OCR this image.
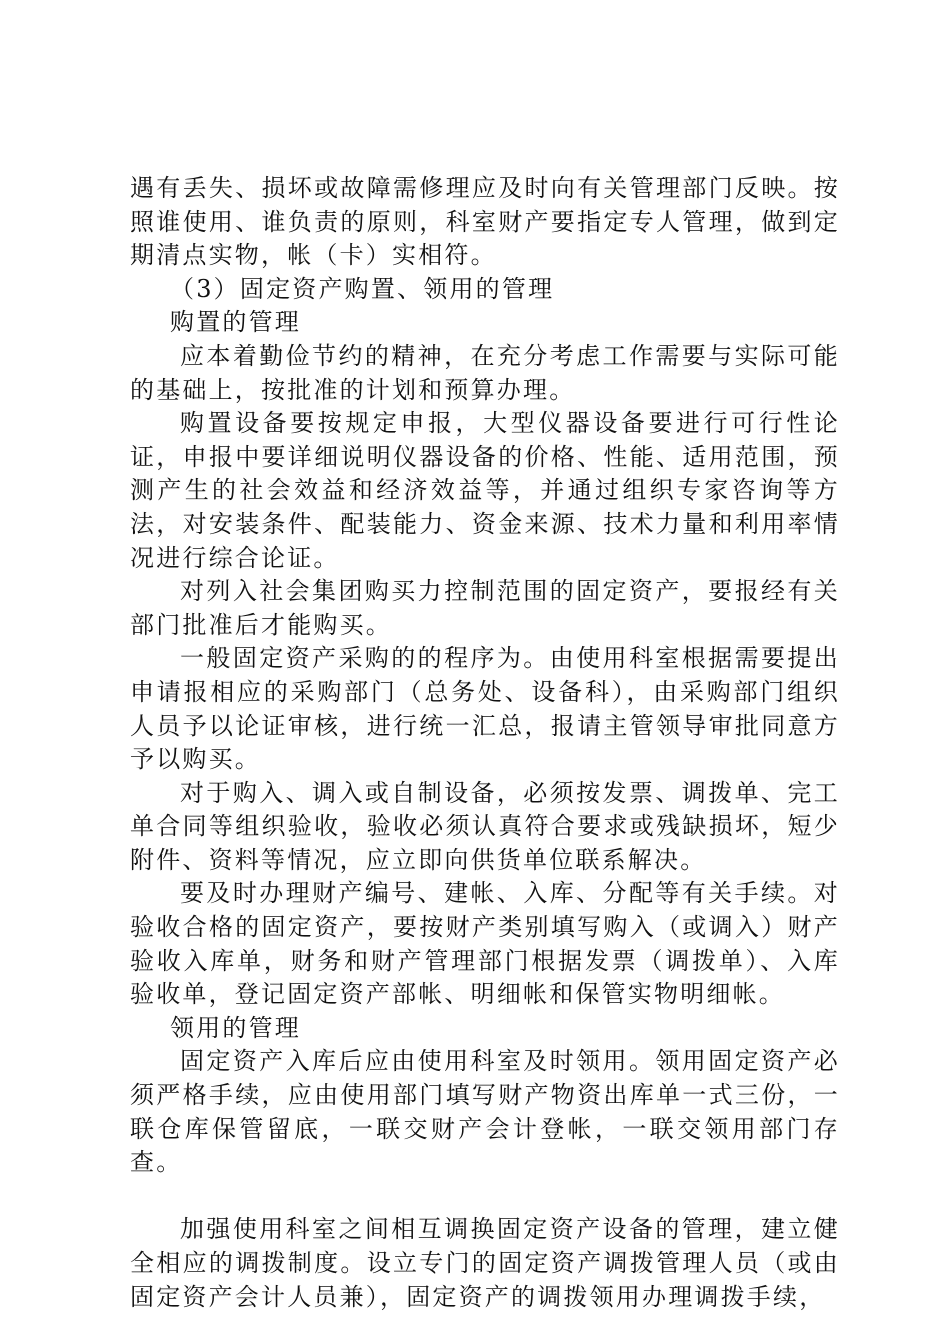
遇有丢失、损坏或故障需修理应及时向有关管理部门反映。按照谁使用、谁负责的原则，科室财产要指定专人管理，做到定期清点实物，帐（卡）实相符。

（3）固定资产购置、领用的管理

购置的管理

应本着勤俭节约的精神，在充分考虑工作需要与实际可能的基础上，按批准的计划和预算办理。

购置设备要按规定申报，大型仪器设备要进行可行性论证，申报中要详细说明仪器设备的价格、性能、适用范围，预测产生的社会效益和经济效益等，并通过组织专家咨询等方法，对安装条件、配装能力、资金来源、技术力量和利用率情况进行综合论证。

对列入社会集团购买力控制范围的固定资产，要报经有关部门批准后才能购买。

一般固定资产采购的的程序为。由使用科室根据需要提出申请报相应的采购部门（总务处、设备科），由采购部门组织人员予以论证审核，进行统一汇总，报请主管领导审批同意方予以购买。

对于购入、调入或自制设备，必须按发票、调拨单、完工单合同等组织验收，验收必须认真符合要求或残缺损坏，短少附件、资料等情况，应立即向供货单位联系解决。

要及时办理财产编号、建帐、入库、分配等有关手续。对验收合格的固定资产，要按财产类别填写购入（或调入）财产验收入库单，财务和财产管理部门根据发票（调拨单）、入库验收单，登记固定资产部帐、明细帐和保管实物明细帐。

领用的管理

固定资产入库后应由使用科室及时领用。领用固定资产必须严格手续，应由使用部门填写财产物资出库单一式三份，一联仓库保管留底，一联交财产会计登帐，一联交领用部门存查。

加强使用科室之间相互调换固定资产设备的管理，建立健全相应的调拨制度。设立专门的固定资产调拨管理人员（或由固定资产会计人员兼），固定资产的调拨领用办理调拨手续，
